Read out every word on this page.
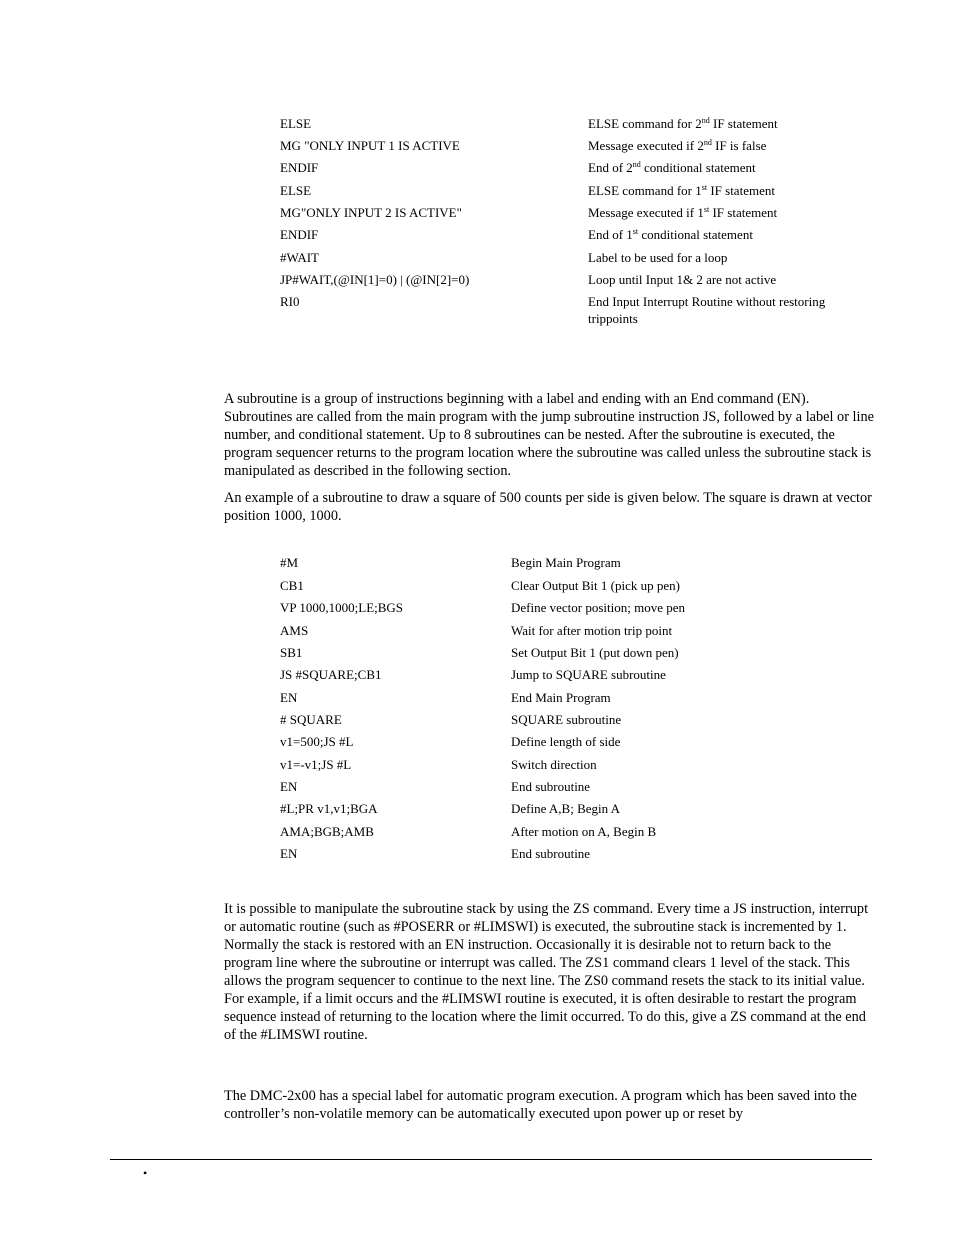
ELSE	ELSE command for 2nd IF statement
MG "ONLY INPUT 1 IS ACTIVE	Message executed if 2nd IF is false
ENDIF	End of 2nd conditional statement
ELSE	ELSE command for 1st IF statement
MG"ONLY INPUT 2 IS ACTIVE"	Message executed if 1st IF statement
ENDIF	End of 1st conditional statement
#WAIT	Label to be used for a loop
JP#WAIT,(@IN[1]=0) | (@IN[2]=0)	Loop until Input 1& 2 are not active
RI0	End Input Interrupt Routine without restoring trippoints
A subroutine is a group of instructions beginning with a label and ending with an End command (EN). Subroutines are called from the main program with the jump subroutine instruction JS, followed by a label or line number, and conditional statement. Up to 8 subroutines can be nested. After the subroutine is executed, the program sequencer returns to the program location where the subroutine was called unless the subroutine stack is manipulated as described in the following section.
An example of a subroutine to draw a square of 500 counts per side is given below. The square is drawn at vector position 1000, 1000.
#M	Begin Main Program
CB1	Clear Output Bit 1 (pick up pen)
VP 1000,1000;LE;BGS	Define vector position; move pen
AMS	Wait for after motion trip point
SB1	Set Output Bit 1 (put down pen)
JS #SQUARE;CB1	Jump to SQUARE subroutine
EN	End Main Program
# SQUARE	SQUARE subroutine
v1=500;JS #L	Define length of side
v1=-v1;JS #L	Switch direction
EN	End subroutine
#L;PR v1,v1;BGA	Define A,B; Begin A
AMA;BGB;AMB	After motion on A, Begin B
EN	End subroutine
It is possible to manipulate the subroutine stack by using the ZS command. Every time a JS instruction, interrupt or automatic routine (such as #POSERR or #LIMSWI) is executed, the subroutine stack is incremented by 1. Normally the stack is restored with an EN instruction. Occasionally it is desirable not to return back to the program line where the subroutine or interrupt was called. The ZS1 command clears 1 level of the stack. This allows the program sequencer to continue to the next line. The ZS0 command resets the stack to its initial value. For example, if a limit occurs and the #LIMSWI routine is executed, it is often desirable to restart the program sequence instead of returning to the location where the limit occurred. To do this, give a ZS command at the end of the #LIMSWI routine.
The DMC-2x00 has a special label for automatic program execution. A program which has been saved into the controller’s non-volatile memory can be automatically executed upon power up or reset by
•
